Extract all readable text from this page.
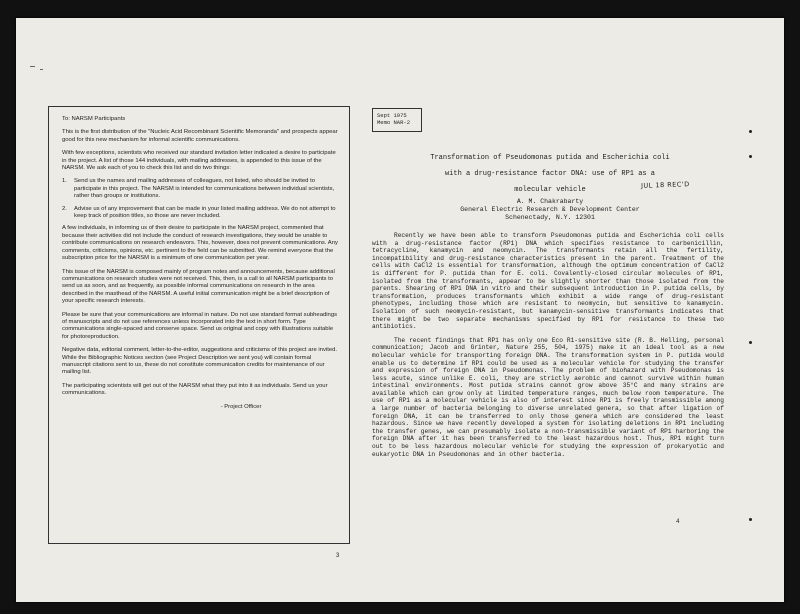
To: NARSM Participants

This is the first distribution of the "Nucleic Acid Recombinant Scientific Memoranda" and prospects appear good for this new mechanism for informal scientific communications.

With few exceptions, scientists who received our standard invitation letter indicated a desire to participate in the project. A list of those 144 individuals, with mailing addresses, is appended to this issue of the NARSM. We ask each of you to check this list and do two things:

1.	Send us the names and mailing addresses of colleagues, not listed, who should be invited to participate in this project. The NARSM is intended for communications between individual scientists, rather than groups or institutions.
2.	Advise us of any improvement that can be made in your listed mailing address. We do not attempt to keep track of position titles, so those are never included.

A few individuals, in informing us of their desire to participate in the NARSM project, commented that because their activities did not include the conduct of research investigations, they would be unable to contribute communications on research endeavors. This, however, does not prevent communications. Any comments, criticisms, opinions, etc. pertinent to the field can be submitted. We remind everyone that the subscription price for the NARSM is a minimum of one communication per year.

This issue of the NARSM is composed mainly of program notes and announcements, because additional communications on research studies were not received. This, then, is a call to all NARSM participants to send us as soon, and as frequently, as possible informal communications on research in the area described in the masthead of the NARSM. A useful initial communication might be a brief description of your specific research interests.

Please be sure that your communications are informal in nature. Do not use standard format subheadings of manuscripts and do not use references unless incorporated into the text in short form. Type communications single-spaced and conserve space. Send us original and copy with illustrations suitable for photoreproduction.

Negative data, editorial comment, letter-to-the-editor, suggestions and criticisms of this project are invited. While the Bibliographic Notices section (see Project Description we sent you) will contain formal manuscript citations sent to us, these do not constitute communication credits for maintenance of our mailing list.

The participating scientists will get out of the NARSM what they put into it as individuals. Send us your communications.

- Project Officer

3
Sept 1975
Memo NAR-2
Transformation of Pseudomonas putida and Escherichia coli
with a drug-resistance factor DNA: use of RP1 as a
molecular vehicle
JUL 18 REC'D
A. M. Chakrabarty
General Electric Research & Development Center
Schenectady, N.Y. 12301

Recently we have been able to transform Pseudomonas putida and Escherichia coli cells with a drug-resistance factor (RP1) DNA which specifies resistance to carbenicillin, tetracycline, kanamycin and neomycin. The transformants retain all the fertility, incompatibility and drug-resistance characteristics present in the parent. Treatment of the cells with CaCl2 is essential for transformation, although the optimum concentration of CaCl2 is different for P. putida than for E. coli. Covalently-closed circular molecules of RP1, isolated from the transformants, appear to be slightly shorter than those isolated from the parents. Shearing of RP1 DNA in vitro and their subsequent introduction in P. putida cells, by transformation, produces transformants which exhibit a wide range of drug-resistant phenotypes, including those which are resistant to neomycin, but sensitive to kanamycin. Isolation of such neomycin-resistant, but kanamycin-sensitive transformants indicates that there might be two separate mechanisms specified by RP1 for resistance to these two antibiotics.

The recent findings that RP1 has only one Eco R1-sensitive site (R. B. Helling, personal communication; Jacob and Grinter, Nature 255, 504, 1975) make it an ideal tool as a new molecular vehicle for transporting foreign DNA. The transformation system in P. putida would enable us to determine if RP1 could be used as a molecular vehicle for studying the transfer and expression of foreign DNA in Pseudomonas. The problem of biohazard with Pseudomonas is less acute, since unlike E. coli, they are strictly aerobic and cannot survive within human intestinal environments. Most putida strains cannot grow above 35°C and many strains are available which can grow only at limited temperature ranges, much below room temperature. The use of RP1 as a molecular vehicle is also of interest since RP1 is freely transmissible among a large number of bacteria belonging to diverse unrelated genera, so that after ligation of foreign DNA, it can be transferred to only those genera which are considered the least hazardous. Since we have recently developed a system for isolating deletions in RP1 including the transfer genes, we can presumably isolate a non-transmissible variant of RP1 harboring the foreign DNA after it has been transferred to the least hazardous host. Thus, RP1 might turn out to be less hazardous molecular vehicle for studying the expression of prokaryotic and eukaryotic DNA in Pseudomonas and in other bacteria.

4
